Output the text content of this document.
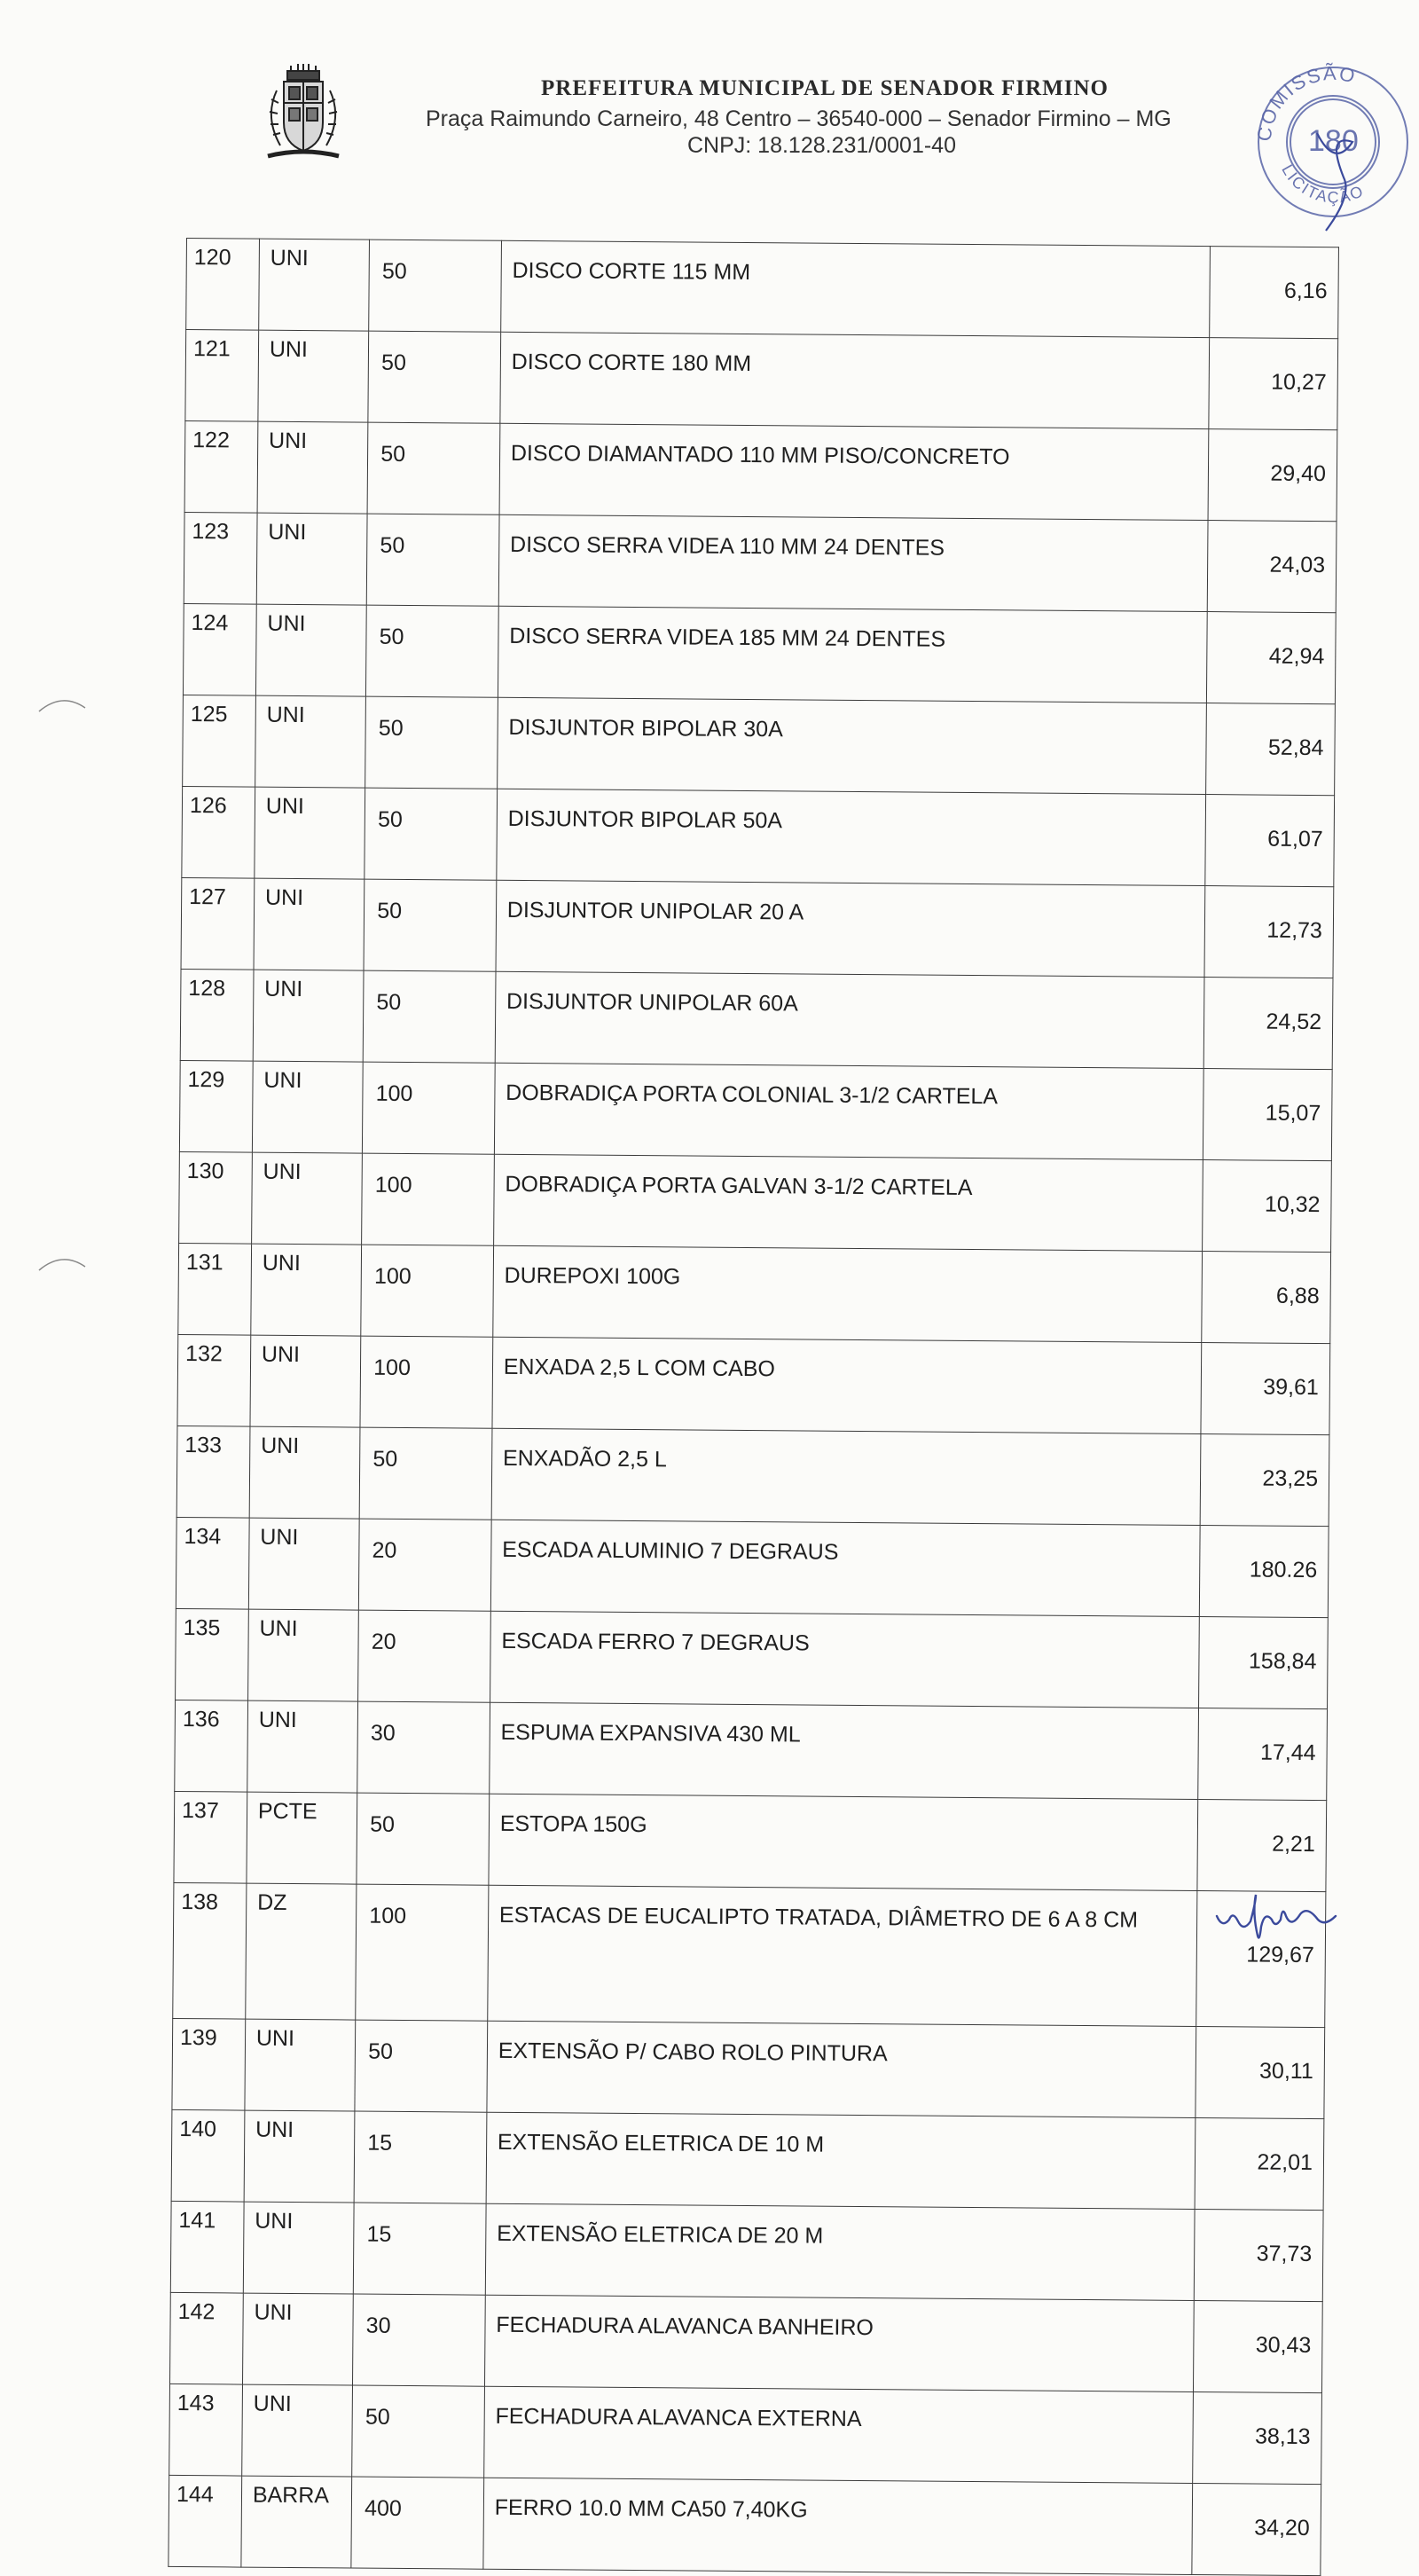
PREFEITURA MUNICIPAL DE SENADOR FIRMINO
Praça Raimundo Carneiro, 48 Centro – 36540-000 – Senador Firmino – MG
CNPJ: 18.128.231/0001-40	COMISSÃO
180
LICITAÇÃO
120	UNI	50	DISCO CORTE 115 MM	6,16
121	UNI	50	DISCO CORTE 180 MM	10,27
122	UNI	50	DISCO DIAMANTADO 110 MM PISO/CONCRETO	29,40
123	UNI	50	DISCO SERRA VIDEA 110 MM 24 DENTES	24,03
124	UNI	50	DISCO SERRA VIDEA 185 MM 24 DENTES	42,94
125	UNI	50	DISJUNTOR BIPOLAR 30A	52,84
126	UNI	50	DISJUNTOR BIPOLAR 50A	61,07
127	UNI	50	DISJUNTOR UNIPOLAR 20 A	12,73
128	UNI	50	DISJUNTOR UNIPOLAR 60A	24,52
129	UNI	100	DOBRADIÇA PORTA COLONIAL 3-1/2 CARTELA	15,07
130	UNI	100	DOBRADIÇA PORTA GALVAN 3-1/2 CARTELA	10,32
131	UNI	100	DUREPOXI 100G	6,88
132	UNI	100	ENXADA 2,5 L COM CABO	39,61
133	UNI	50	ENXADÃO 2,5 L	23,25
134	UNI	20	ESCADA ALUMINIO 7 DEGRAUS	180.26
135	UNI	20	ESCADA FERRO 7 DEGRAUS	158,84
136	UNI	30	ESPUMA EXPANSIVA 430 ML	17,44
137	PCTE	50	ESTOPA 150G	2,21
138	DZ	100	ESTACAS DE EUCALIPTO TRATADA, DIÂMETRO DE 6 A 8 CM	129,67
139	UNI	50	EXTENSÃO P/ CABO ROLO PINTURA	30,11
140	UNI	15	EXTENSÃO ELETRICA DE 10 M	22,01
141	UNI	15	EXTENSÃO ELETRICA DE 20 M	37,73
142	UNI	30	FECHADURA ALAVANCA BANHEIRO	30,43
143	UNI	50	FECHADURA ALAVANCA EXTERNA	38,13
144	BARRA	400	FERRO 10.0 MM CA50 7,40KG	34,20
